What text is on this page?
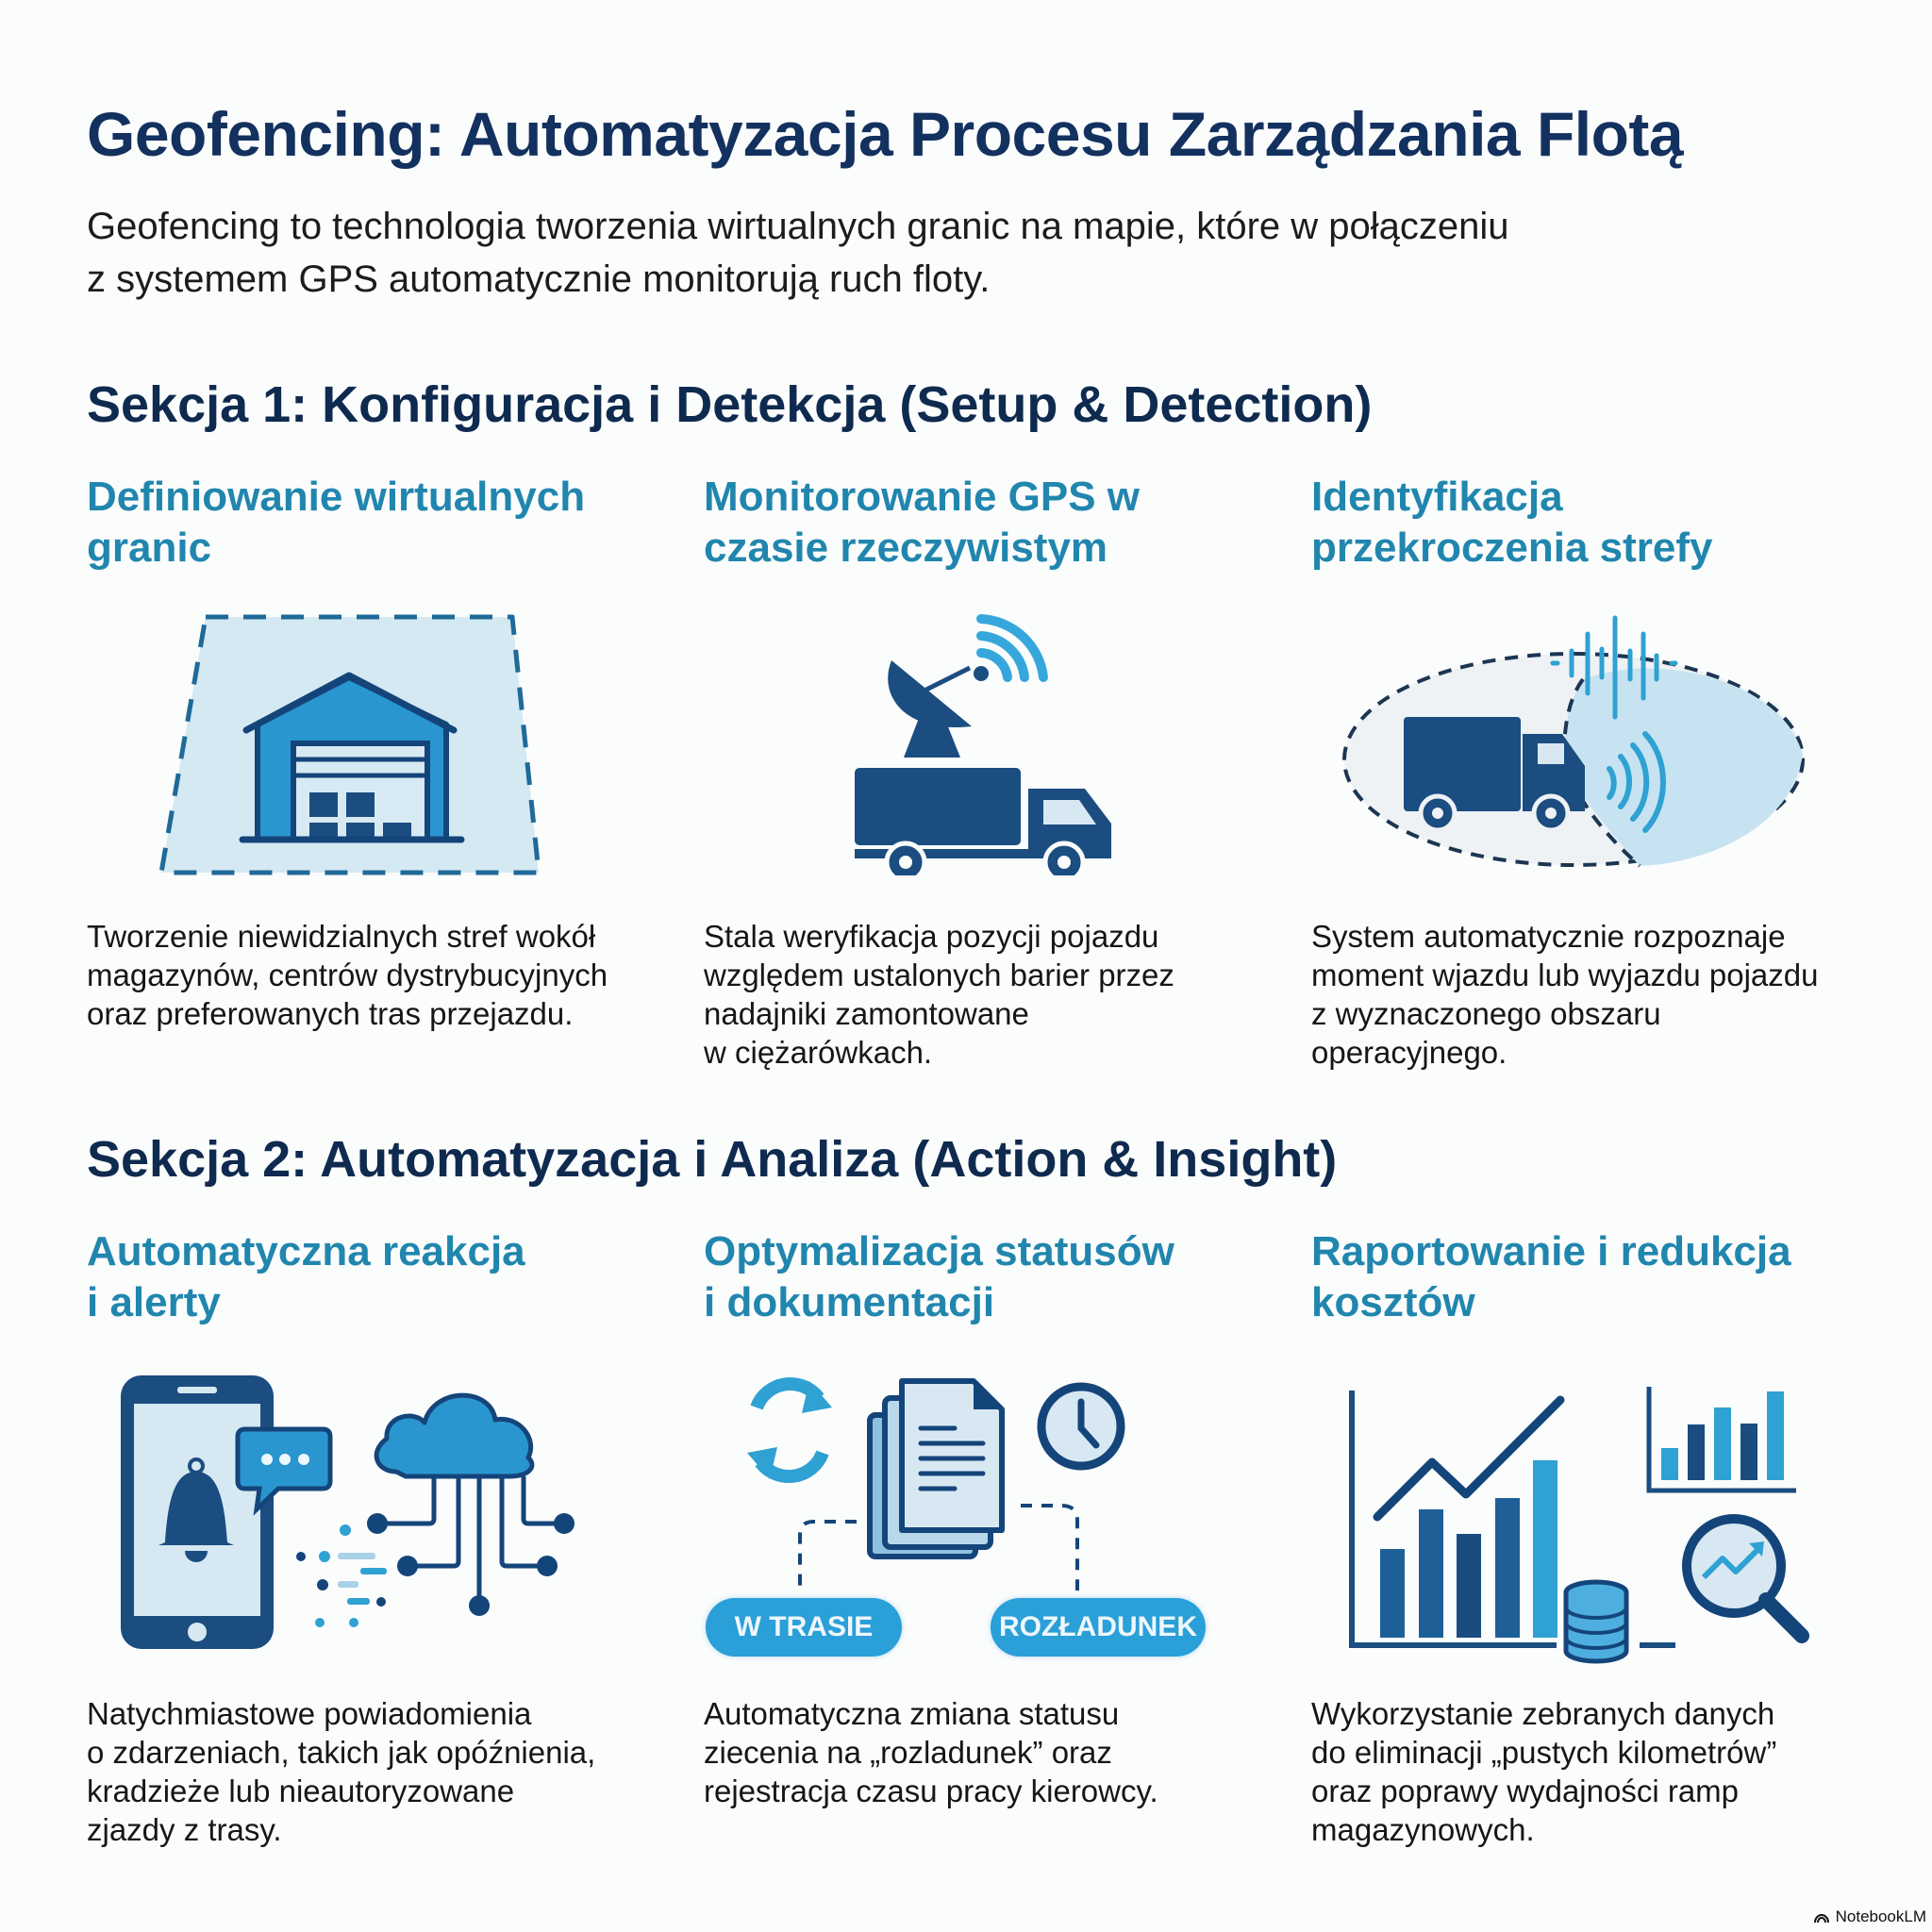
Geofencing: Automatyzacja Procesu Zarządzania Flotą
Geofencing to technologia tworzenia wirtualnych granic na mapie, które w połączeniu
z systemem GPS automatycznie monitorują ruch floty.
Sekcja 1: Konfiguracja i Detekcja (Setup & Detection)
Definiowanie wirtualnych
granic
Tworzenie niewidzialnych stref wokół
magazynów, centrów dystrybucyjnych
oraz preferowanych tras przejazdu.
Monitorowanie GPS w
czasie rzeczywistym
Stala weryfikacja pozycji pojazdu
względem ustalonych barier przez
nadajniki zamontowane
w ciężarówkach.
Identyfikacja
przekroczenia strefy
System automatycznie rozpoznaje
moment wjazdu lub wyjazdu pojazdu
z wyznaczonego obszaru
operacyjnego.
Sekcja 2: Automatyzacja i Analiza (Action & Insight)
Automatyczna reakcja
i alerty
Natychmiastowe powiadomienia
o zdarzeniach, takich jak opóźnienia,
kradzieże lub nieautoryzowane
zjazdy z trasy.
Optymalizacja statusów
i dokumentacji
W TRASIE	ROZŁADUNEK
Automatyczna zmiana statusu
ziecenia na „rozladunek” oraz
rejestracja czasu pracy kierowcy.
Raportowanie i redukcja
kosztów
Wykorzystanie zebranych danych
do eliminacji „pustych kilometrów”
oraz poprawy wydajności ramp
magazynowych.
NotebookLM
